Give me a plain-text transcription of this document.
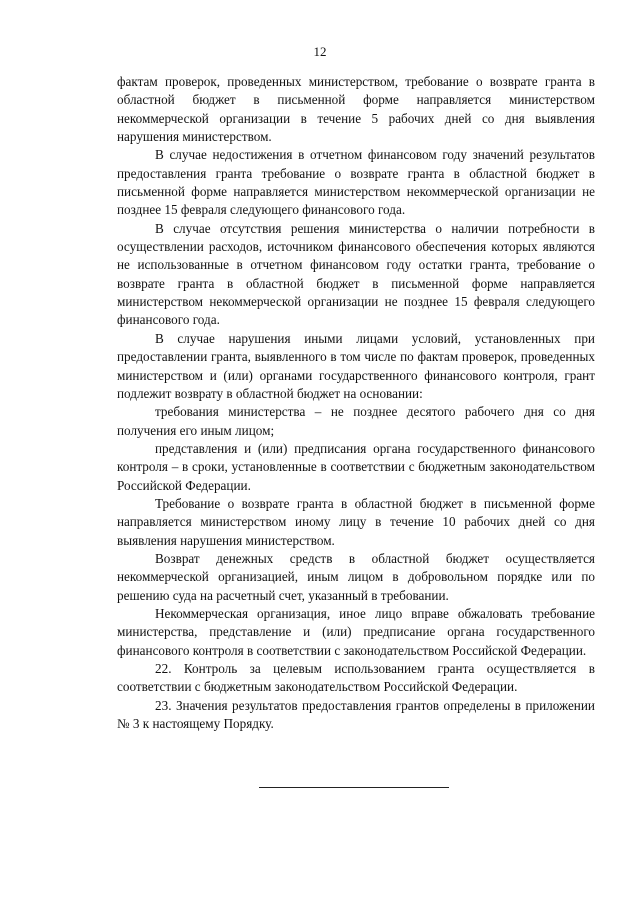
12

фактам проверок, проведенных министерством, требование о возврате гранта в областной бюджет в письменной форме направляется министерством некоммерческой организации в течение 5 рабочих дней со дня выявления нарушения министерством.

В случае недостижения в отчетном финансовом году значений результатов предоставления гранта требование о возврате гранта в областной бюджет в письменной форме направляется министерством некоммерческой организации не позднее 15 февраля следующего финансового года.

В случае отсутствия решения министерства о наличии потребности в осуществлении расходов, источником финансового обеспечения которых являются не использованные в отчетном финансовом году остатки гранта, требование о возврате гранта в областной бюджет в письменной форме направляется министерством некоммерческой организации не позднее 15 февраля следующего финансового года.

В случае нарушения иными лицами условий, установленных при предоставлении гранта, выявленного в том числе по фактам проверок, проведенных министерством и (или) органами государственного финансового контроля, грант подлежит возврату в областной бюджет на основании:

требования министерства – не позднее десятого рабочего дня со дня получения его иным лицом;

представления и (или) предписания органа государственного финансового контроля – в сроки, установленные в соответствии с бюджетным законодательством Российской Федерации.

Требование о возврате гранта в областной бюджет в письменной форме направляется министерством иному лицу в течение 10 рабочих дней со дня выявления нарушения министерством.

Возврат денежных средств в областной бюджет осуществляется некоммерческой организацией, иным лицом в добровольном порядке или по решению суда на расчетный счет, указанный в требовании.

Некоммерческая организация, иное лицо вправе обжаловать требование министерства, представление и (или) предписание органа государственного финансового контроля в соответствии с законодательством Российской Федерации.

22. Контроль за целевым использованием гранта осуществляется в соответствии с бюджетным законодательством Российской Федерации.

23. Значения результатов предоставления грантов определены в приложении № 3 к настоящему Порядку.
